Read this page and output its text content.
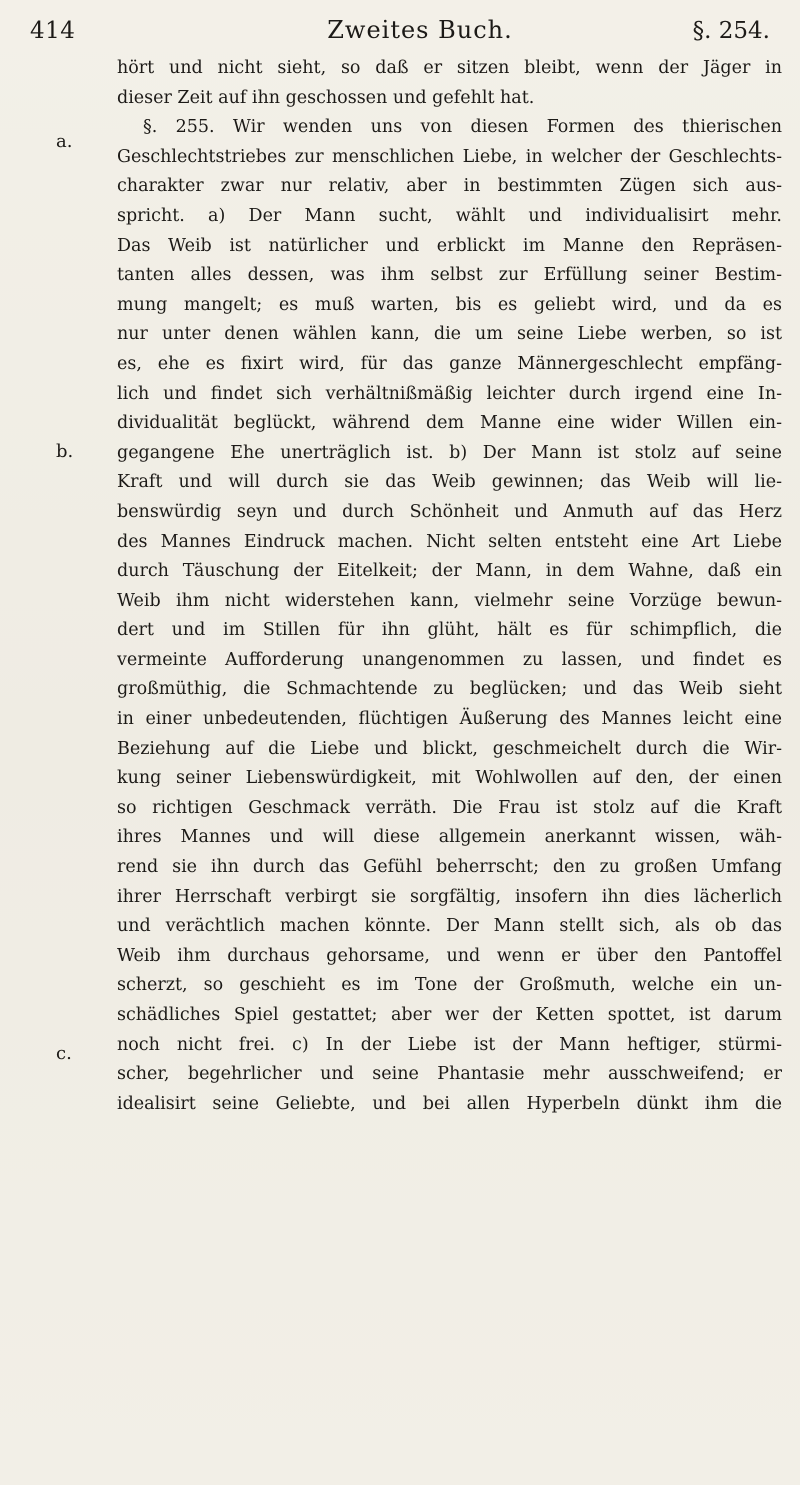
414	Zweites Buch.	§. 254.
a.
b.
c.
hört und nicht sieht, so daß er sitzen bleibt, wenn der Jäger in
dieser Zeit auf ihn geschossen und gefehlt hat.
§. 255. Wir wenden uns von diesen Formen des thierischen
Geschlechtstriebes zur menschlichen Liebe, in welcher der Geschlechts-
charakter zwar nur relativ, aber in bestimmten Zügen sich aus-
spricht. a) Der Mann sucht, wählt und individualisirt mehr.
Das Weib ist natürlicher und erblickt im Manne den Repräsen-
tanten alles dessen, was ihm selbst zur Erfüllung seiner Bestim-
mung mangelt; es muß warten, bis es geliebt wird, und da es
nur unter denen wählen kann, die um seine Liebe werben, so ist
es, ehe es fixirt wird, für das ganze Männergeschlecht empfäng-
lich und findet sich verhältnißmäßig leichter durch irgend eine In-
dividualität beglückt, während dem Manne eine wider Willen ein-
gegangene Ehe unerträglich ist. b) Der Mann ist stolz auf seine
Kraft und will durch sie das Weib gewinnen; das Weib will lie-
benswürdig seyn und durch Schönheit und Anmuth auf das Herz
des Mannes Eindruck machen. Nicht selten entsteht eine Art Liebe
durch Täuschung der Eitelkeit; der Mann, in dem Wahne, daß ein
Weib ihm nicht widerstehen kann, vielmehr seine Vorzüge bewun-
dert und im Stillen für ihn glüht, hält es für schimpflich, die
vermeinte Aufforderung unangenommen zu lassen, und findet es
großmüthig, die Schmachtende zu beglücken; und das Weib sieht
in einer unbedeutenden, flüchtigen Äußerung des Mannes leicht eine
Beziehung auf die Liebe und blickt, geschmeichelt durch die Wir-
kung seiner Liebenswürdigkeit, mit Wohlwollen auf den, der einen
so richtigen Geschmack verräth. Die Frau ist stolz auf die Kraft
ihres Mannes und will diese allgemein anerkannt wissen, wäh-
rend sie ihn durch das Gefühl beherrscht; den zu großen Umfang
ihrer Herrschaft verbirgt sie sorgfältig, insofern ihn dies lächerlich
und verächtlich machen könnte. Der Mann stellt sich, als ob das
Weib ihm durchaus gehorsame, und wenn er über den Pantoffel
scherzt, so geschieht es im Tone der Großmuth, welche ein un-
schädliches Spiel gestattet; aber wer der Ketten spottet, ist darum
noch nicht frei. c) In der Liebe ist der Mann heftiger, stürmi-
scher, begehrlicher und seine Phantasie mehr ausschweifend; er
idealisirt seine Geliebte, und bei allen Hyperbeln dünkt ihm die
